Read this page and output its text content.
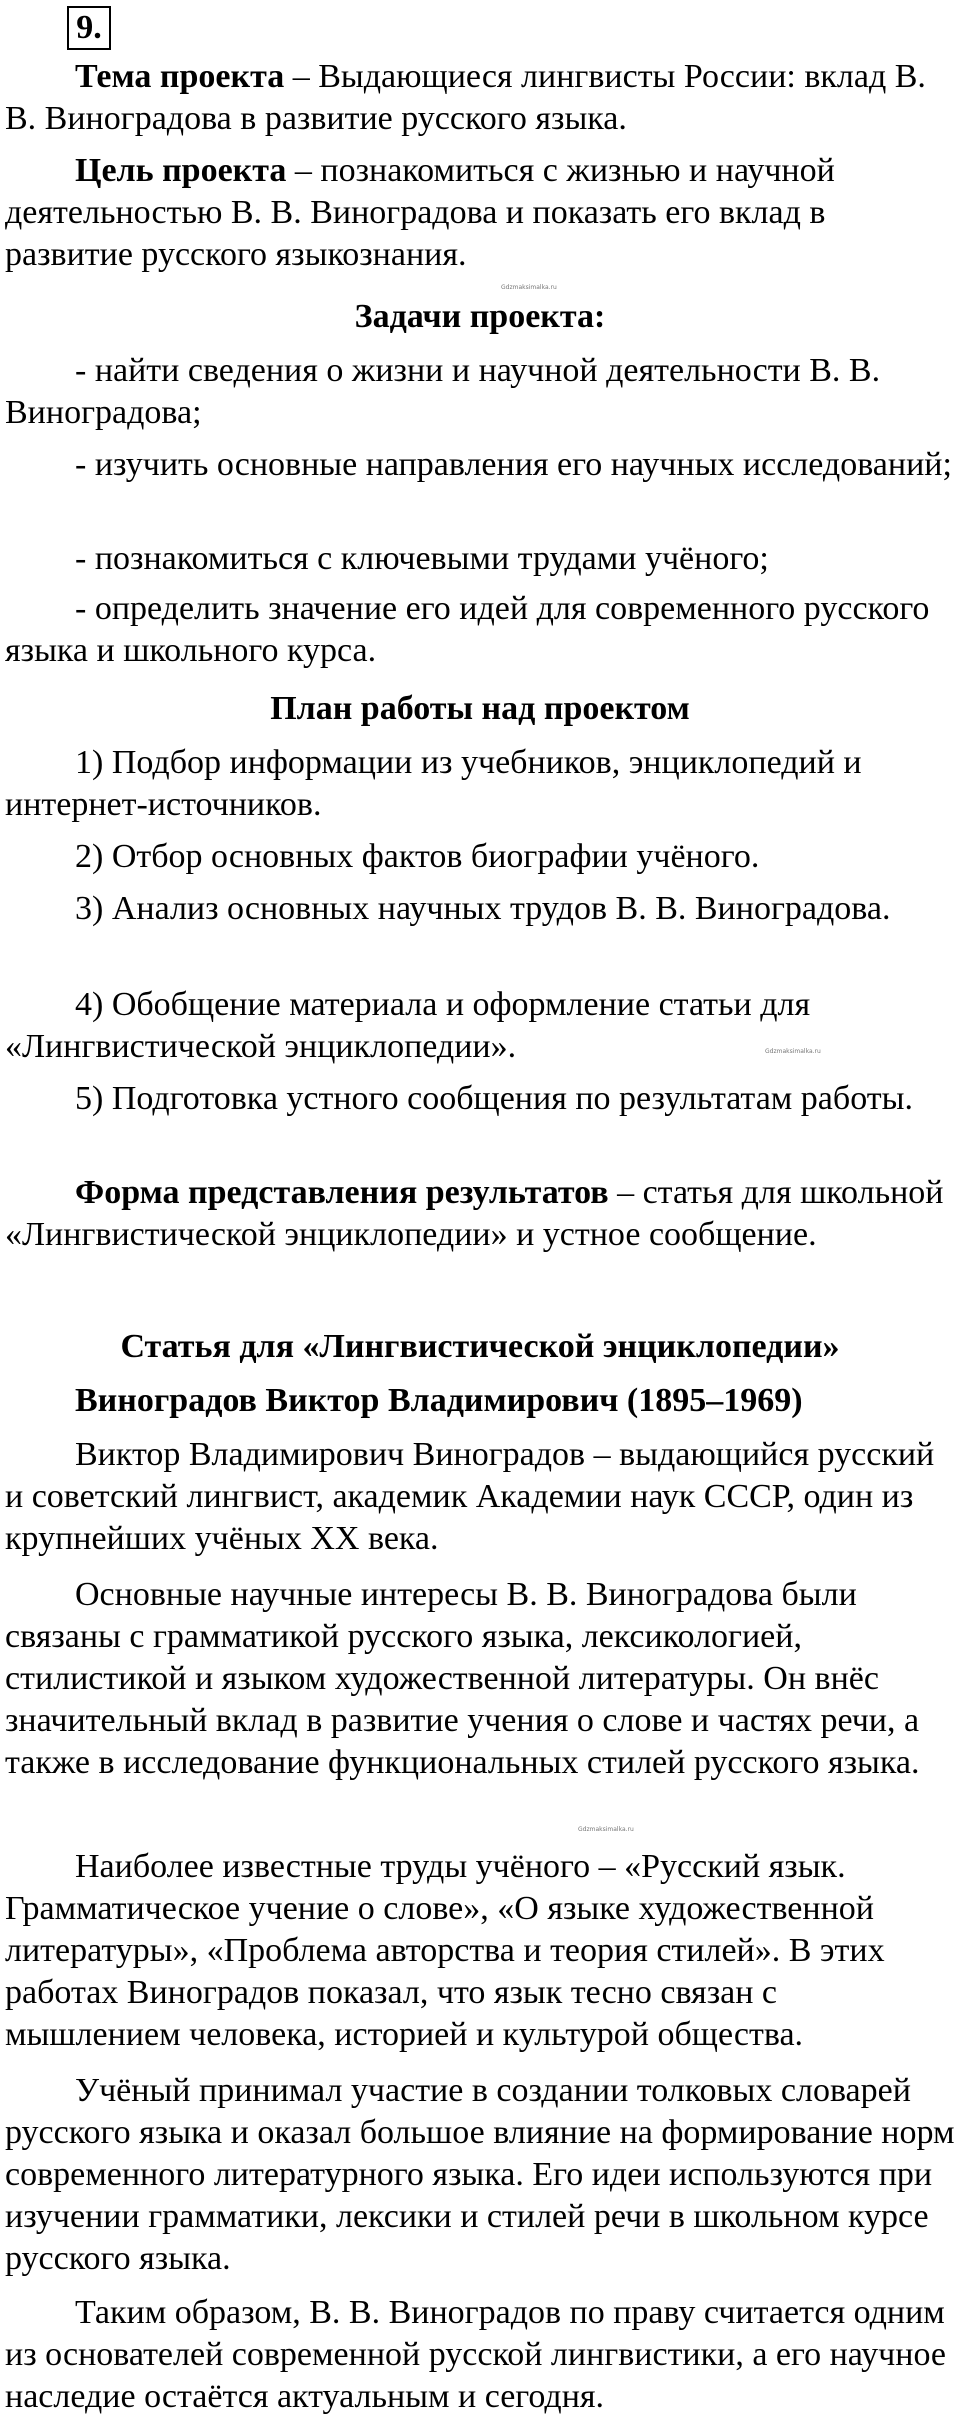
9.

Тема проекта – Выдающиеся лингвисты России: вклад В. В. Виноградова в развитие русского языка.

Цель проекта – познакомиться с жизнью и научной деятельностью В. В. Виноградова и показать его вклад в развитие русского языкознания.

Gdzmaksimalka.ru

Задачи проекта:

- найти сведения о жизни и научной деятельности В. В. Виноградова;

- изучить основные направления его научных исследований;

- познакомиться с ключевыми трудами учёного;

- определить значение его идей для современного русского языка и школьного курса.

План работы над проектом

1) Подбор информации из учебников, энциклопедий и интернет-источников.

2) Отбор основных фактов биографии учёного.

3) Анализ основных научных трудов В. В. Виноградова.

4) Обобщение материала и оформление статьи для «Лингвистической энциклопедии».	Gdzmaksimalka.ru

5) Подготовка устного сообщения по результатам работы.

Форма представления результатов – статья для школьной «Лингвистической энциклопедии» и устное сообщение.

Статья для «Лингвистической энциклопедии»

Виноградов Виктор Владимирович (1895–1969)

Виктор Владимирович Виноградов – выдающийся русский и советский лингвист, академик Академии наук СССР, один из крупнейших учёных XX века.

Основные научные интересы В. В. Виноградова были связаны с грамматикой русского языка, лексикологией, стилистикой и языком художественной литературы. Он внёс значительный вклад в развитие учения о слове и частях речи, а также в исследование функциональных стилей русского языка.

Gdzmaksimalka.ru

Наиболее известные труды учёного – «Русский язык. Грамматическое учение о слове», «О языке художественной литературы», «Проблема авторства и теория стилей». В этих работах Виноградов показал, что язык тесно связан с мышлением человека, историей и культурой общества.

Учёный принимал участие в создании толковых словарей русского языка и оказал большое влияние на формирование норм современного литературного языка. Его идеи используются при изучении грамматики, лексики и стилей речи в школьном курсе русского языка.

Таким образом, В. В. Виноградов по праву считается одним из основателей современной русской лингвистики, а его научное наследие остаётся актуальным и сегодня.
